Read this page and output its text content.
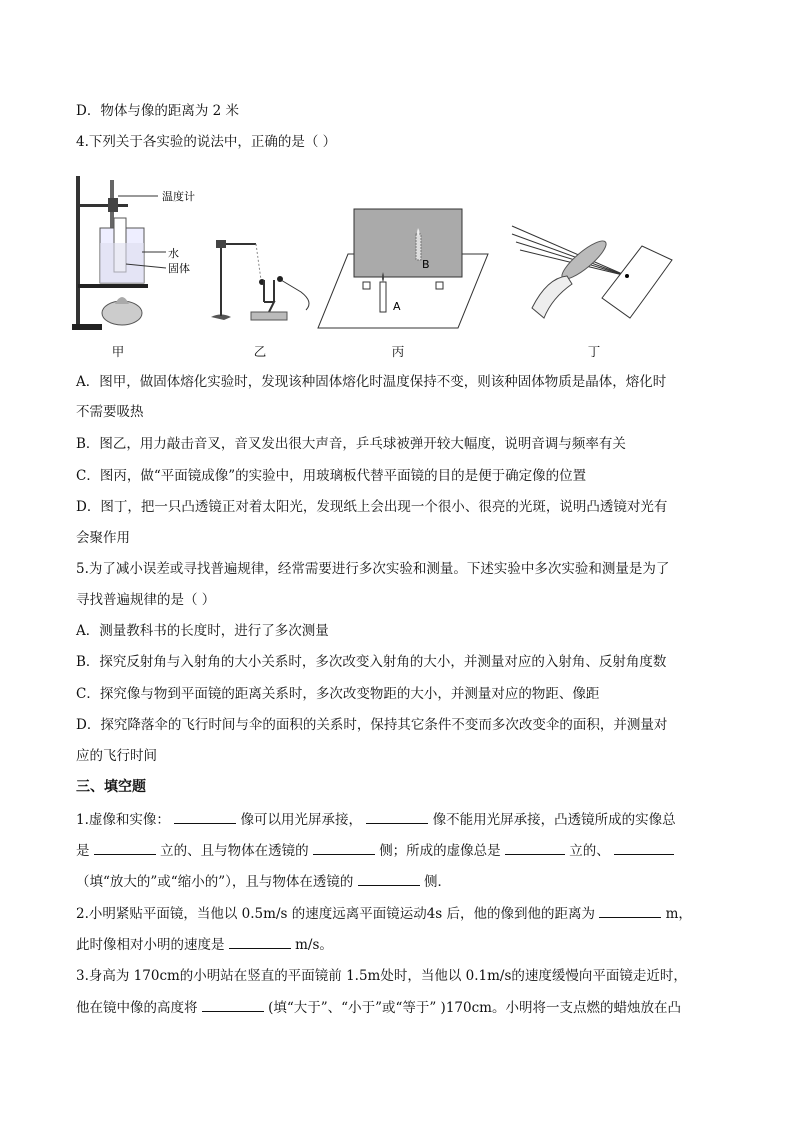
D．物体与像的距离为 2 米
4.下列关于各实验的说法中，正确的是（ ）
温度计
水
固体
A
B
甲	乙	丙	丁
A．图甲，做固体熔化实验时，发现该种固体熔化时温度保持不变，则该种固体物质是晶体，熔化时
不需要吸热
B．图乙，用力敲击音叉，音叉发出很大声音，乒乓球被弹开较大幅度，说明音调与频率有关
C．图丙，做“平面镜成像”的实验中，用玻璃板代替平面镜的目的是便于确定像的位置
D．图丁，把一只凸透镜正对着太阳光，发现纸上会出现一个很小、很亮的光斑，说明凸透镜对光有
会聚作用
5.为了减小误差或寻找普遍规律，经常需要进行多次实验和测量。下述实验中多次实验和测量是为了
寻找普遍规律的是（ ）
A．测量教科书的长度时，进行了多次测量
B．探究反射角与入射角的大小关系时，多次改变入射角的大小，并测量对应的入射角、反射角度数
C．探究像与物到平面镜的距离关系时，多次改变物距的大小，并测量对应的物距、像距
D．探究降落伞的飞行时间与伞的面积的关系时，保持其它条件不变而多次改变伞的面积，并测量对
应的飞行时间
三、填空题
1.虚像和实像：	像可以用光屏承接，	像不能用光屏承接，凸透镜所成的实像总
是	立的、且与物体在透镜的	侧；所成的虚像总是	立的、
（填“放大的”或“缩小的”），且与物体在透镜的	侧．
2.小明紧贴平面镜，当他以 0.5m/s 的速度远离平面镜运动4s 后，他的像到他的距离为	m，
此时像相对小明的速度是	m/s。
3.身高为 170cm的小明站在竖直的平面镜前 1.5m处时，当他以 0.1m/s的速度缓慢向平面镜走近时，
他在镜中像的高度将	(填“大于”、“小于”或“等于” )170cm。小明将一支点燃的蜡烛放在凸
